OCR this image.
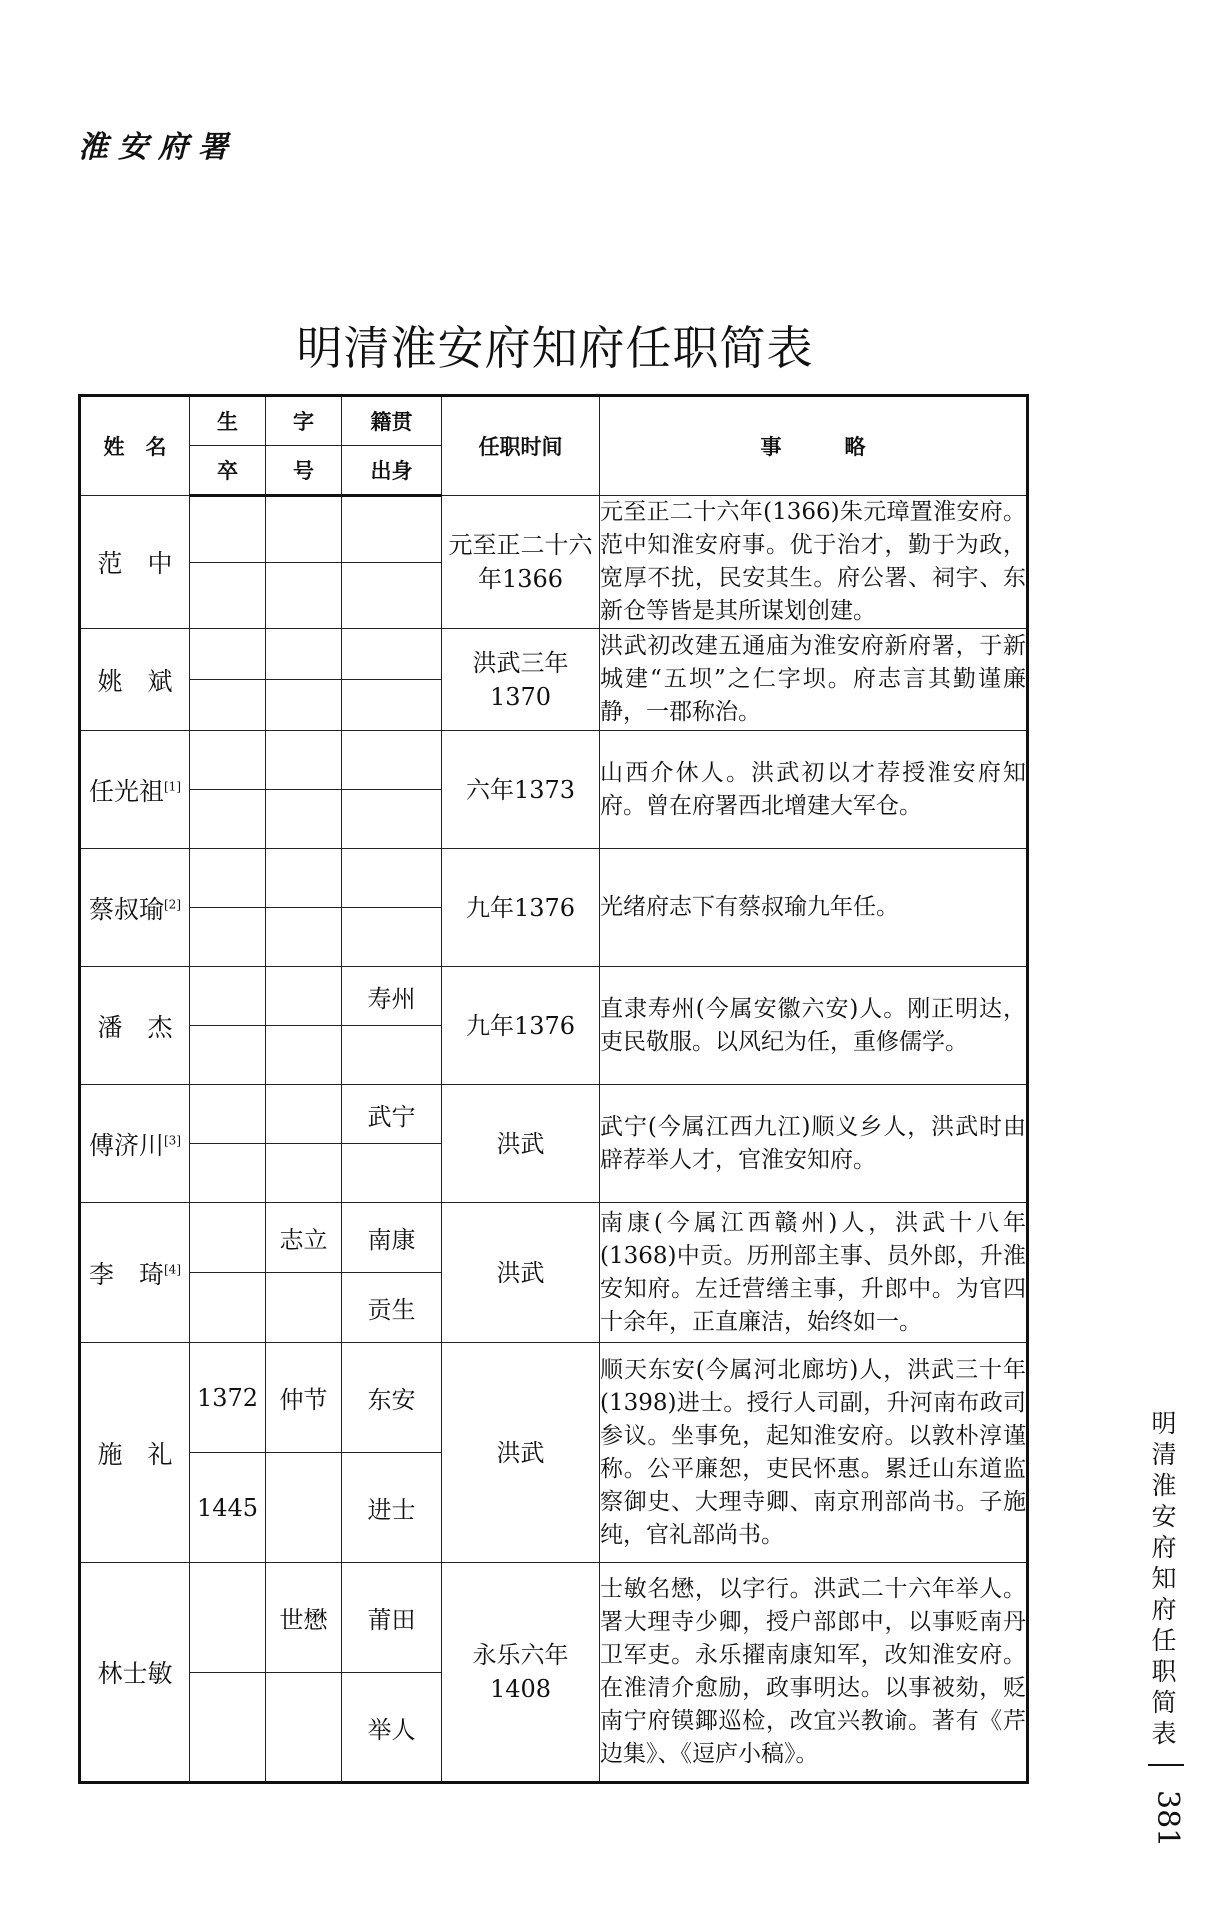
淮安府署
明清淮安府知府任职简表
姓　名	生	字	籍贯	任职时间	事　　　略
	卒	号	出身		
范　中				元至正二十六年1366	元至正二十六年(1366)朱元璋置淮安府。范中知淮安府事。优于治才，勤于为政，宽厚不扰，民安其生。府公署、祠宇、东新仓等皆是其所谋划创建。

姚　斌				洪武三年1370	洪武初改建五通庙为淮安府新府署，于新城建“五坝”之仁字坝。府志言其勤谨廉静，一郡称治。

任光祖[1]				六年1373	山西介休人。洪武初以才荐授淮安府知府。曾在府署西北增建大军仓。

蔡叔瑜[2]				九年1376	光绪府志下有蔡叔瑜九年任。

潘　杰			寿州	九年1376	直隶寿州(今属安徽六安)人。刚正明达，吏民敬服。以风纪为任，重修儒学。

傅济川[3]			武宁	洪武	武宁(今属江西九江)顺义乡人，洪武时由辟荐举人才，官淮安知府。

李　琦[4]		志立	南康	洪武	南康(今属江西赣州)人，洪武十八年(1368)中贡。历刑部主事、员外郎，升淮安知府。左迁营缮主事，升郎中。为官四十余年，正直廉洁，始终如一。
			贡生		
施　礼	1372	仲节	东安	洪武	顺天东安(今属河北廊坊)人，洪武三十年(1398)进士。授行人司副，升河南布政司参议。坐事免，起知淮安府。以敦朴淳谨称。公平廉恕，吏民怀惠。累迁山东道监察御史、大理寺卿、南京刑部尚书。子施纯，官礼部尚书。
	1445		进士		
林士敏		世懋	莆田	永乐六年1408	士敏名懋，以字行。洪武二十六年举人。署大理寺少卿，授户部郎中，以事贬南丹卫军吏。永乐擢南康知军，改知淮安府。在淮清介愈励，政事明达。以事被劾，贬南宁府镆鎁巡检，改宜兴教谕。著有《芹边集》、《逗庐小稿》。
			举人		
明清淮安府知府任职简表
381
